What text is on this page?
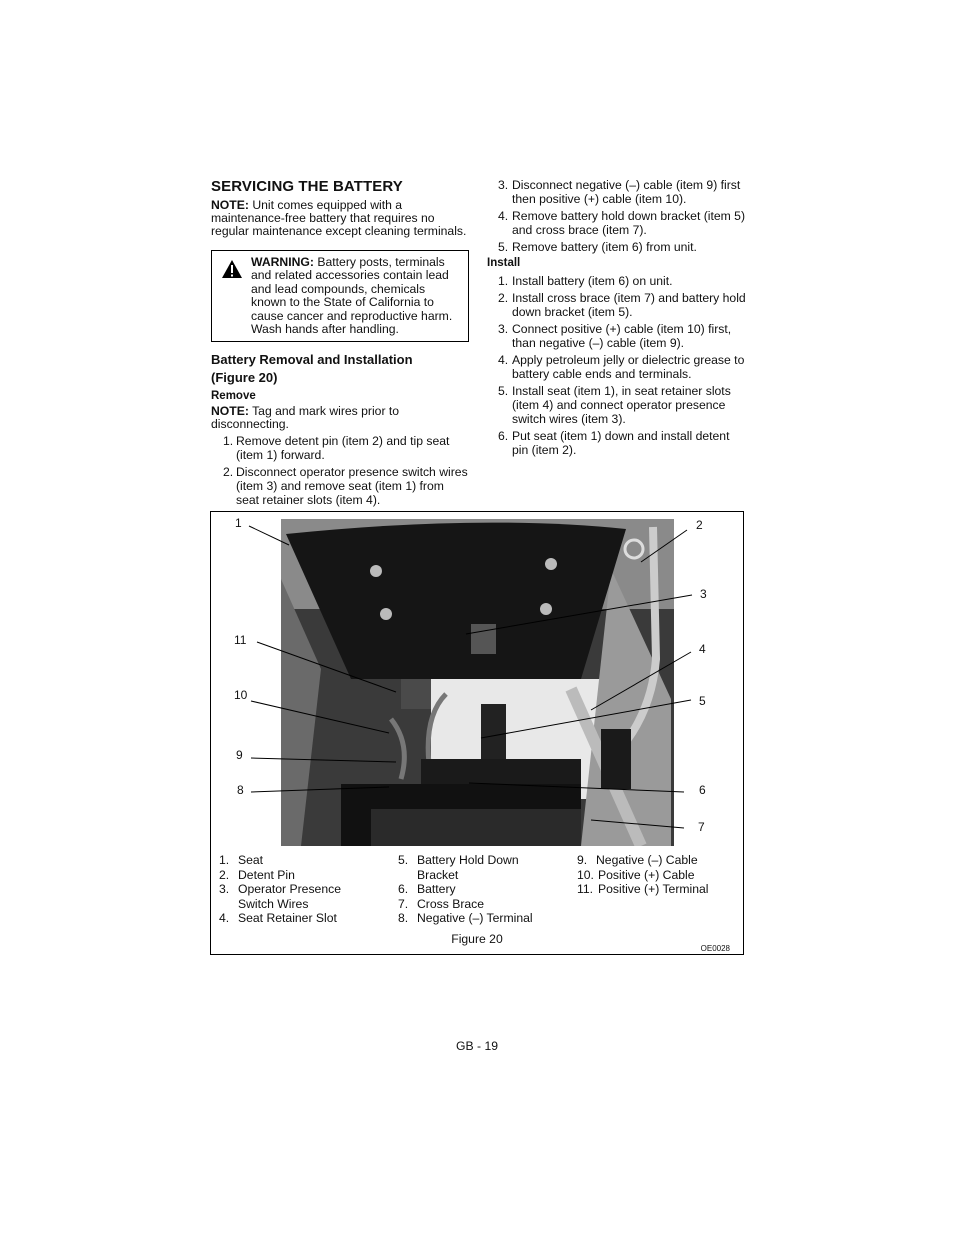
SERVICING THE BATTERY

NOTE: Unit comes equipped with a maintenance-free battery that requires no regular maintenance except cleaning terminals.

WARNING: Battery posts, terminals and related accessories contain lead and lead compounds, chemicals known to the State of California to cause cancer and reproductive harm. Wash hands after handling.
Battery Removal and Installation
(Figure 20)
Remove

NOTE: Tag and mark wires prior to disconnecting.

1. Remove detent pin (item 2) and tip seat (item 1) forward.
2. Disconnect operator presence switch wires (item 3) and remove seat (item 1) from seat retainer slots (item 4).
3. Disconnect negative (–) cable (item 9) first then positive (+) cable (item 10).
4. Remove battery hold down bracket (item 5) and cross brace (item 7).
5. Remove battery (item 6) from unit.
Install
1. Install battery (item 6) on unit.
2. Install cross brace (item 7) and battery hold down bracket (item 5).
3. Connect positive (+) cable (item 10) first, than negative (–) cable (item 9).
4. Apply petroleum jelly or dielectric grease to battery cable ends and terminals.
5. Install seat (item 1), in seat retainer slots (item 4) and connect operator presence switch wires (item 3).
6. Put seat (item 1) down and install detent pin (item 2).
1	2
3
4
5
6
7
8
9
10
11
1. Seat
2. Detent Pin
3. Operator Presence Switch Wires
4. Seat Retainer Slot
5. Battery Hold Down Bracket
6. Battery
7. Cross Brace
8. Negative (–) Terminal
9. Negative (–) Cable
10. Positive (+) Cable
11. Positive (+) Terminal
Figure 20
OE0028
GB - 19
